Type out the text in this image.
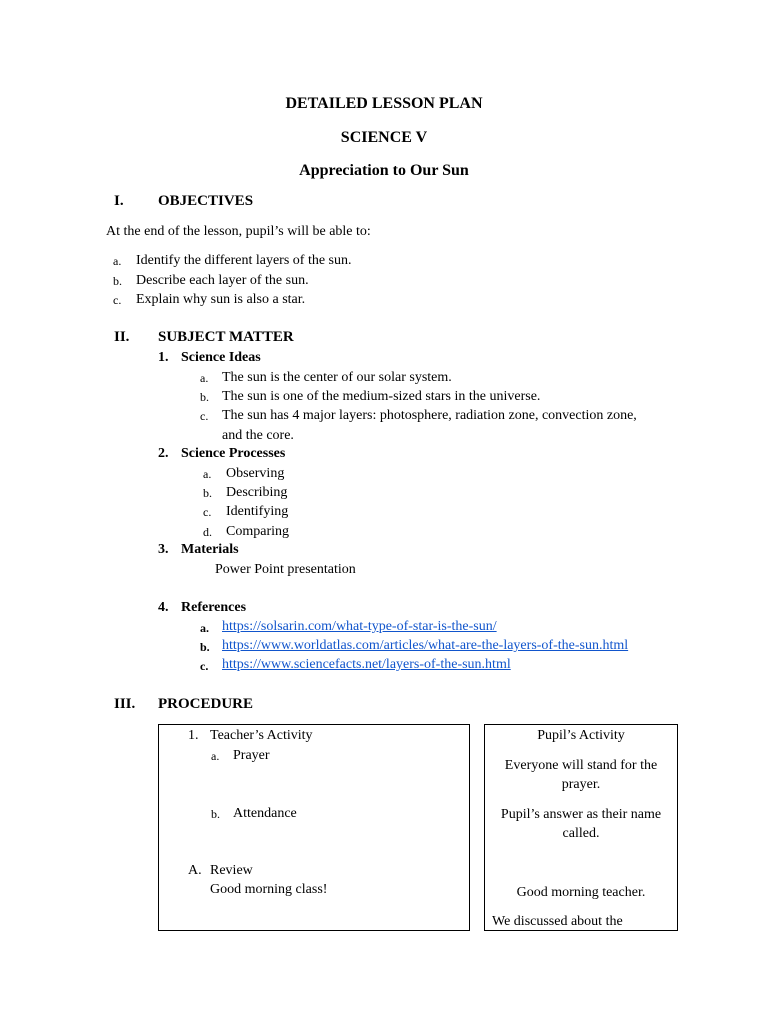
DETAILED LESSON PLAN
SCIENCE V
Appreciation to Our Sun
I. OBJECTIVES
At the end of the lesson, pupil’s will be able to:
a. Identify the different layers of the sun.
b. Describe each layer of the sun.
c. Explain why sun is also a star.
II. SUBJECT MATTER
1. Science Ideas
a. The sun is the center of our solar system.
b. The sun is one of the medium-sized stars in the universe.
c. The sun has 4 major layers: photosphere, radiation zone, convection zone,
and the core.
2. Science Processes
a. Observing
b. Describing
c. Identifying
d. Comparing
3. Materials
Power Point presentation
4. References
a. https://solsarin.com/what-type-of-star-is-the-sun/
b. https://www.worldatlas.com/articles/what-are-the-layers-of-the-sun.html
c. https://www.sciencefacts.net/layers-of-the-sun.html
III. PROCEDURE
1. Teacher’s Activity
a. Prayer
b. Attendance
A. Review
Good morning class!
Pupil’s Activity
Everyone will stand for the
prayer.
Pupil’s answer as their name
called.
Good morning teacher.
We discussed about the
